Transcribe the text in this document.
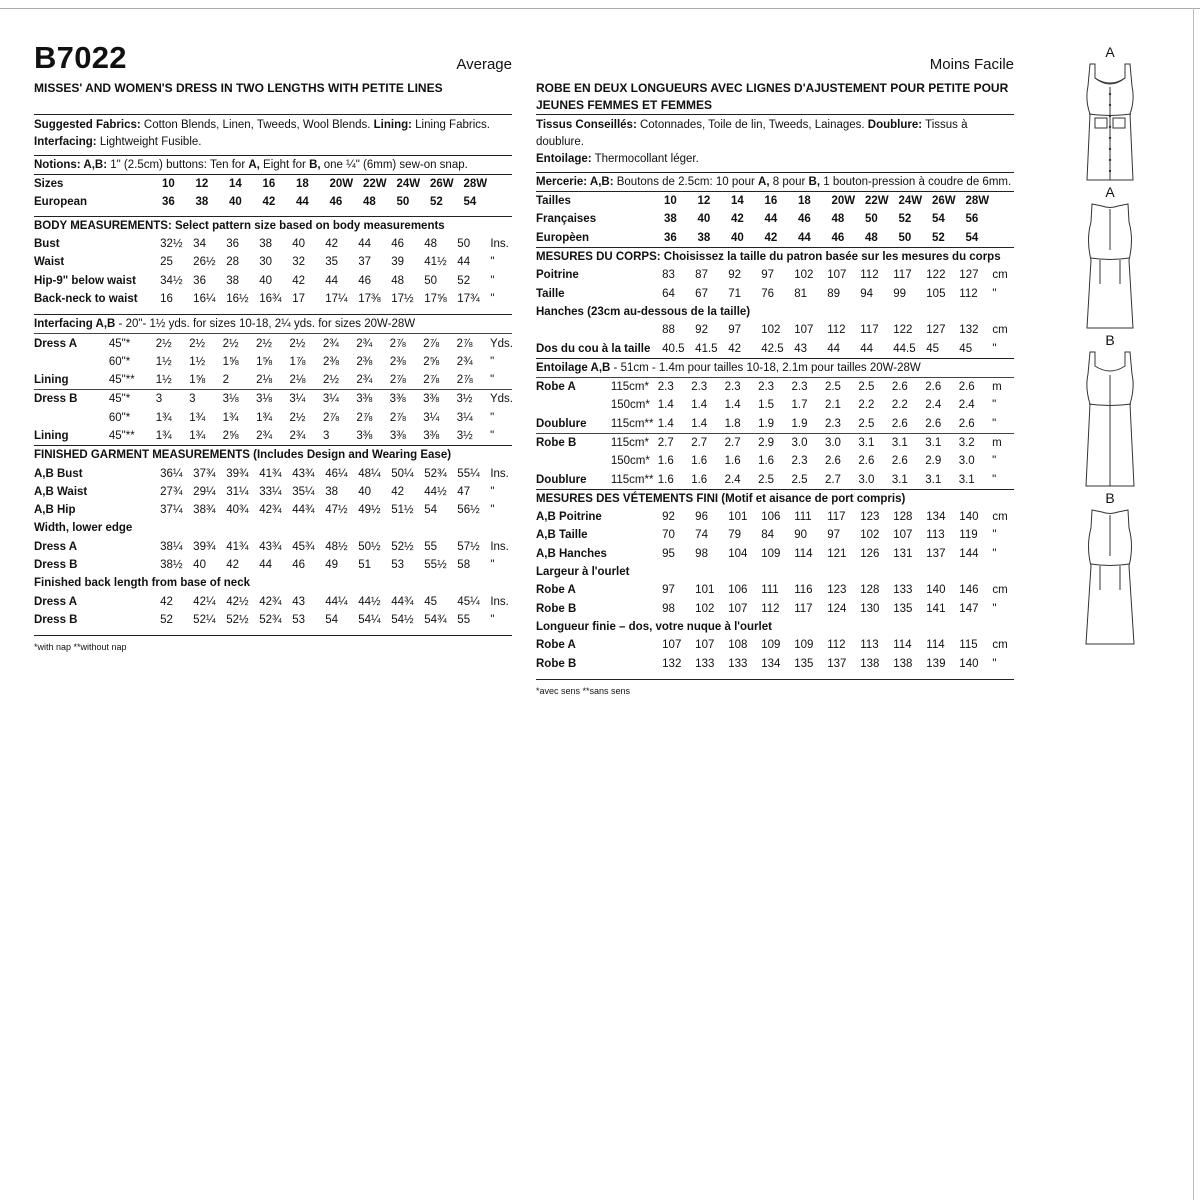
B7022	Average
MISSES' AND WOMEN'S DRESS IN TWO LENGTHS WITH PETITE LINES
Suggested Fabrics: Cotton Blends, Linen, Tweeds, Wool Blends. Lining: Lining Fabrics. Interfacing: Lightweight Fusible.
Notions: A,B: 1" (2.5cm) buttons: Ten for A, Eight for B, one ¼" (6mm) sew-on snap.
Sizes	10	12	14	16	18	20W 22W 24W 26W 28W
European	36	38	40	42	44	46	48	50	52	54
BODY MEASUREMENTS: Select pattern size based on body measurements
Bust	32½ 34	36	38	40	42	44	46	48	50	Ins.
Waist	25	26½ 28	30	32	35	37	39	41½ 44	"
Hip-9" below waist	34½ 36	38	40	42	44	46	48	50	52	"
Back-neck to waist	16	16¼ 16½ 16¾ 17	17¼ 17⅜ 17½ 17⅝ 17¾ "
Interfacing A,B - 20"- 1½ yds. for sizes 10-18, 2¼ yds. for sizes 20W-28W
Dress A	45"*	2½	2½	2½	2½	2½	2¾	2¾	2⅞	2⅞	2⅞	Yds.
60"*	1½	1½	1⅝	1⅝	1⅞	2⅜	2⅜	2⅜	2⅝	2¾	"
Lining	45"**	1½	1⅝	2	2⅛	2⅛	2½	2¾	2⅞	2⅞	2⅞	"
Dress B	45"*	3	3	3⅛	3⅛	3¼	3¼	3⅜	3⅜	3⅜	3½	Yds.
60"*	1¾	1¾	1¾	1¾	2½	2⅞	2⅞	2⅞	3¼	3¼	"
Lining	45"**	1¾	1¾	2⅝	2¾	2¾	3	3⅜	3⅜	3⅜	3½	"
FINISHED GARMENT MEASUREMENTS (Includes Design and Wearing Ease)
A,B Bust	36¼ 37¾ 39¾ 41¾ 43¾ 46¼ 48¼ 50¼ 52¾ 55¼ Ins.
A,B Waist	27¾ 29¼ 31¼ 33¼ 35¼ 38	40	42	44½ 47	"
A,B Hip	37¼ 38¾ 40¾ 42¾ 44¾ 47½ 49½ 51½ 54	56½ "
Width, lower edge
Dress A	38¼ 39¾ 41¾ 43¾ 45¾ 48½ 50½ 52½ 55	57½ Ins.
Dress B	38½ 40	42	44	46	49	51	53	55½ 58	"
Finished back length from base of neck
Dress A	42	42¼ 42½ 42¾ 43	44¼ 44½ 44¾ 45	45¼ Ins.
Dress B	52	52¼ 52½ 52¾ 53	54	54¼ 54½ 54¾ 55	"
*with nap **without nap
Moins Facile
ROBE EN DEUX LONGUEURS AVEC LIGNES D'AJUSTEMENT POUR PETITE POUR JEUNES FEMMES ET FEMMES
Tissus Conseillés: Cotonnades, Toile de lin, Tweeds, Lainages. Doublure: Tissus à doublure.
Entoilage: Thermocollant léger.
Mercerie: A,B: Boutons de 2.5cm: 10 pour A, 8 pour B, 1 bouton-pression à coudre de 6mm.
Tailles	10	12	14	16	18	20W 22W 24W 26W 28W
Françaises	38	40	42	44	46	48	50	52	54	56
Europèen	36	38	40	42	44	46	48	50	52	54
MESURES DU CORPS: Choisissez la taille du patron basée sur les mesures du corps
Poitrine	83	87	92	97	102	107	112	117	122	127	cm
Taille	64	67	71	76	81	89	94	99	105	112	"
Hanches (23cm au-dessous de la taille)
88	92	97	102	107	112	117	122	127	132	cm
Dos du cou à la taille	40.5 41.5 42	42.5 43	44	44	44.5 45	45	"
Entoilage A,B - 51cm - 1.4m pour tailles 10-18, 2.1m pour tailles 20W-28W
Robe A	115cm* 2.3	2.3	2.3	2.3	2.3	2.5	2.5	2.6	2.6	2.6	m
150cm* 1.4	1.4	1.4	1.5	1.7	2.1	2.2	2.2	2.4	2.4	"
Doublure	115cm** 1.4	1.4	1.8	1.9	1.9	2.3	2.5	2.6	2.6	2.6	"
Robe B	115cm* 2.7	2.7	2.7	2.9	3.0	3.0	3.1	3.1	3.1	3.2	m
150cm* 1.6	1.6	1.6	1.6	2.3	2.6	2.6	2.6	2.9	3.0	"
Doublure	115cm** 1.6	1.6	2.4	2.5	2.5	2.7	3.0	3.1	3.1	3.1	"
MESURES DES VÉTEMENTS FINI (Motif et aisance de port compris)
A,B Poitrine	92	96	101	106	111	117	123	128	134	140	cm
A,B Taille	70	74	79	84	90	97	102	107	113	119	"
A,B Hanches	95	98	104	109	114	121	126	131	137	144	"
Largeur à l'ourlet
Robe A	97	101	106	111	116	123	128	133	140	146	cm
Robe B	98	102	107	112	117	124	130	135	141	147	"
Longueur finie – dos, votre nuque à l'ourlet
Robe A	107	107	108	109	109	112	113	114	114	115	cm
Robe B	132	133	133	134	135	137	138	138	139	140	"
*avec sens **sans sens
A
A
B
B
